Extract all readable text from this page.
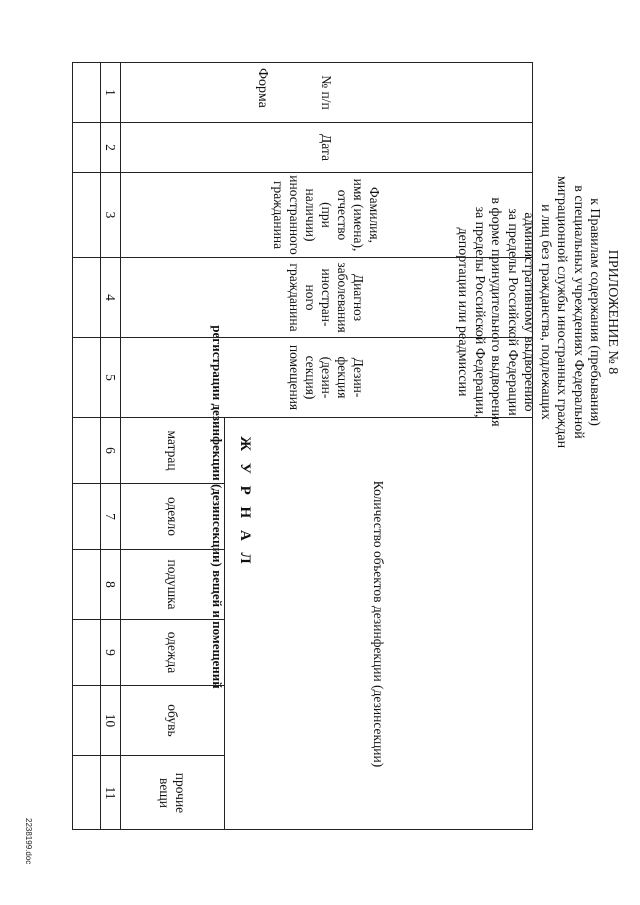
ПРИЛОЖЕНИЕ № 8
к Правилам содержания (пребывания)
в специальных учреждениях Федеральной
миграционной службы иностранных граждан
и лиц без гражданства, подлежащих
административному выдворению
за пределы Российской Федерации
в форме принудительного выдворения
за пределы Российской Федерации,
депортации или реадмиссии
Форма
Ж У Р Н А Л
регистрации дезинфекции (дезинсекции) вещей и помещений
№ п/п
Дата
Фамилия, имя (имена), отчество (при наличии) иностранного гражданина
Диагноз заболевания иностран-ного гражданина
Дезин-фекция (дезин-секция) помещения
Количество объектов дезинфекции (дезинсекции)
матрац
одеяло
подушка
одежда
обувь
прочие вещи
1
2
3
4
5
6
7
8
9
10
11
2238199.doc
